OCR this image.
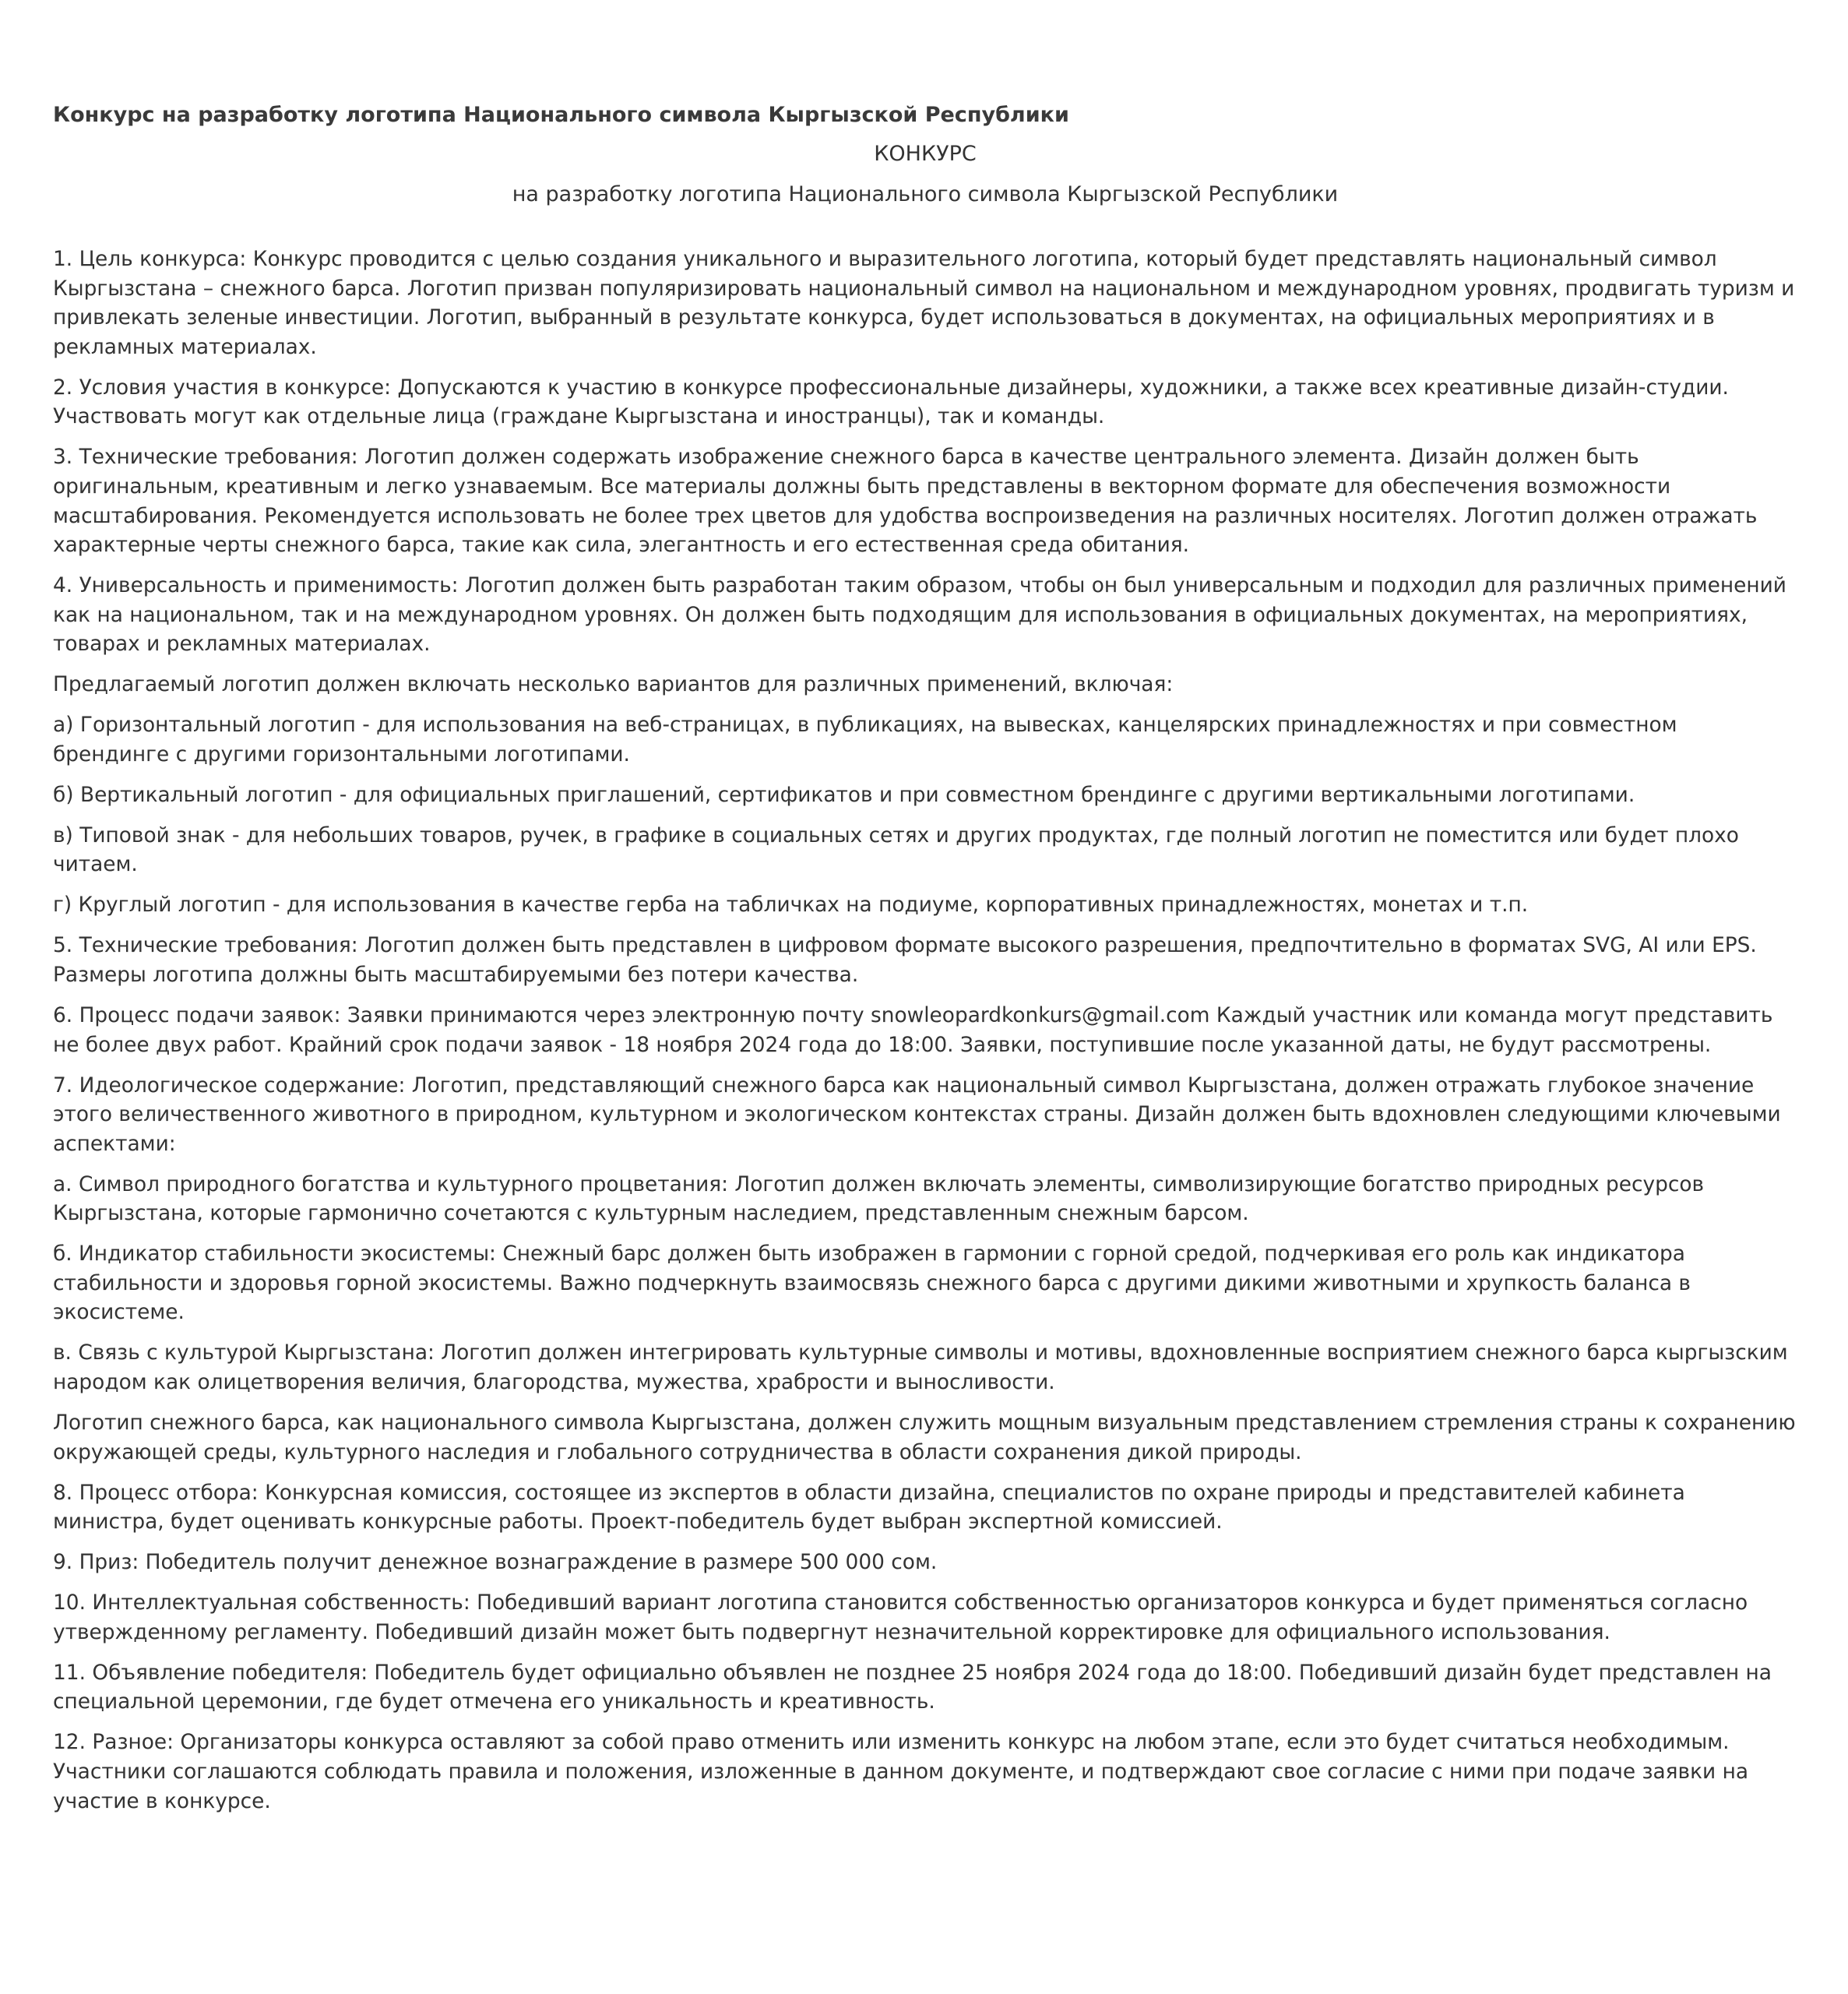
Конкурс на разработку логотипа Национального символа Кыргызской Республики
КОНКУРС
на разработку логотипа Национального символа Кыргызской Республики

1. Цель конкурса: Конкурс проводится с целью создания уникального и выразительного логотипа, который будет представлять национальный символ Кыргызстана – снежного барса. Логотип призван популяризировать национальный символ на национальном и международном уровнях, продвигать туризм и привлекать зеленые инвестиции. Логотип, выбранный в результате конкурса, будет использоваться в документах, на официальных мероприятиях и в рекламных материалах.

2. Условия участия в конкурсе: Допускаются к участию в конкурсе профессиональные дизайнеры, художники, а также всех креативные дизайн-студии. Участвовать могут как отдельные лица (граждане Кыргызстана и иностранцы), так и команды.

3. Технические требования: Логотип должен содержать изображение снежного барса в качестве центрального элемента. Дизайн должен быть оригинальным, креативным и легко узнаваемым. Все материалы должны быть представлены в векторном формате для обеспечения возможности масштабирования. Рекомендуется использовать не более трех цветов для удобства воспроизведения на различных носителях. Логотип должен отражать характерные черты снежного барса, такие как сила, элегантность и его естественная среда обитания.

4. Универсальность и применимость: Логотип должен быть разработан таким образом, чтобы он был универсальным и подходил для различных применений как на национальном, так и на международном уровнях. Он должен быть подходящим для использования в официальных документах, на мероприятиях, товарах и рекламных материалах.

Предлагаемый логотип должен включать несколько вариантов для различных применений, включая:

а) Горизонтальный логотип - для использования на веб-страницах, в публикациях, на вывесках, канцелярских принадлежностях и при совместном брендинге с другими горизонтальными логотипами.

б) Вертикальный логотип - для официальных приглашений, сертификатов и при совместном брендинге с другими вертикальными логотипами.

в) Типовой знак - для небольших товаров, ручек, в графике в социальных сетях и других продуктах, где полный логотип не поместится или будет плохо читаем.

г) Круглый логотип - для использования в качестве герба на табличках на подиуме, корпоративных принадлежностях, монетах и т.п.

5. Технические требования: Логотип должен быть представлен в цифровом формате высокого разрешения, предпочтительно в форматах SVG, AI или EPS. Размеры логотипа должны быть масштабируемыми без потери качества.

6. Процесс подачи заявок: Заявки принимаются через электронную почту snowleopardkonkurs@gmail.com Каждый участник или команда могут представить не более двух работ. Крайний срок подачи заявок - 18 ноября 2024 года до 18:00. Заявки, поступившие после указанной даты, не будут рассмотрены.

7. Идеологическое содержание: Логотип, представляющий снежного барса как национальный символ Кыргызстана, должен отражать глубокое значение этого величественного животного в природном, культурном и экологическом контекстах страны. Дизайн должен быть вдохновлен следующими ключевыми аспектами:

а. Символ природного богатства и культурного процветания: Логотип должен включать элементы, символизирующие богатство природных ресурсов Кыргызстана, которые гармонично сочетаются с культурным наследием, представленным снежным барсом.

б. Индикатор стабильности экосистемы: Снежный барс должен быть изображен в гармонии с горной средой, подчеркивая его роль как индикатора стабильности и здоровья горной экосистемы. Важно подчеркнуть взаимосвязь снежного барса с другими дикими животными и хрупкость баланса в экосистеме.

в. Связь с культурой Кыргызстана: Логотип должен интегрировать культурные символы и мотивы, вдохновленные восприятием снежного барса кыргызским народом как олицетворения величия, благородства, мужества, храбрости и выносливости.

Логотип снежного барса, как национального символа Кыргызстана, должен служить мощным визуальным представлением стремления страны к сохранению окружающей среды, культурного наследия и глобального сотрудничества в области сохранения дикой природы.

8. Процесс отбора: Конкурсная комиссия, состоящее из экспертов в области дизайна, специалистов по охране природы и представителей кабинета министра, будет оценивать конкурсные работы. Проект-победитель будет выбран экспертной комиссией.

9. Приз: Победитель получит денежное вознаграждение в размере 500 000 сом.

10. Интеллектуальная собственность: Победивший вариант логотипа становится собственностью организаторов конкурса и будет применяться согласно утвержденному регламенту. Победивший дизайн может быть подвергнут незначительной корректировке для официального использования.

11. Объявление победителя: Победитель будет официально объявлен не позднее 25 ноября 2024 года до 18:00. Победивший дизайн будет представлен на специальной церемонии, где будет отмечена его уникальность и креативность.

12. Разное: Организаторы конкурса оставляют за собой право отменить или изменить конкурс на любом этапе, если это будет считаться необходимым. Участники соглашаются соблюдать правила и положения, изложенные в данном документе, и подтверждают свое согласие с ними при подаче заявки на участие в конкурсе.
